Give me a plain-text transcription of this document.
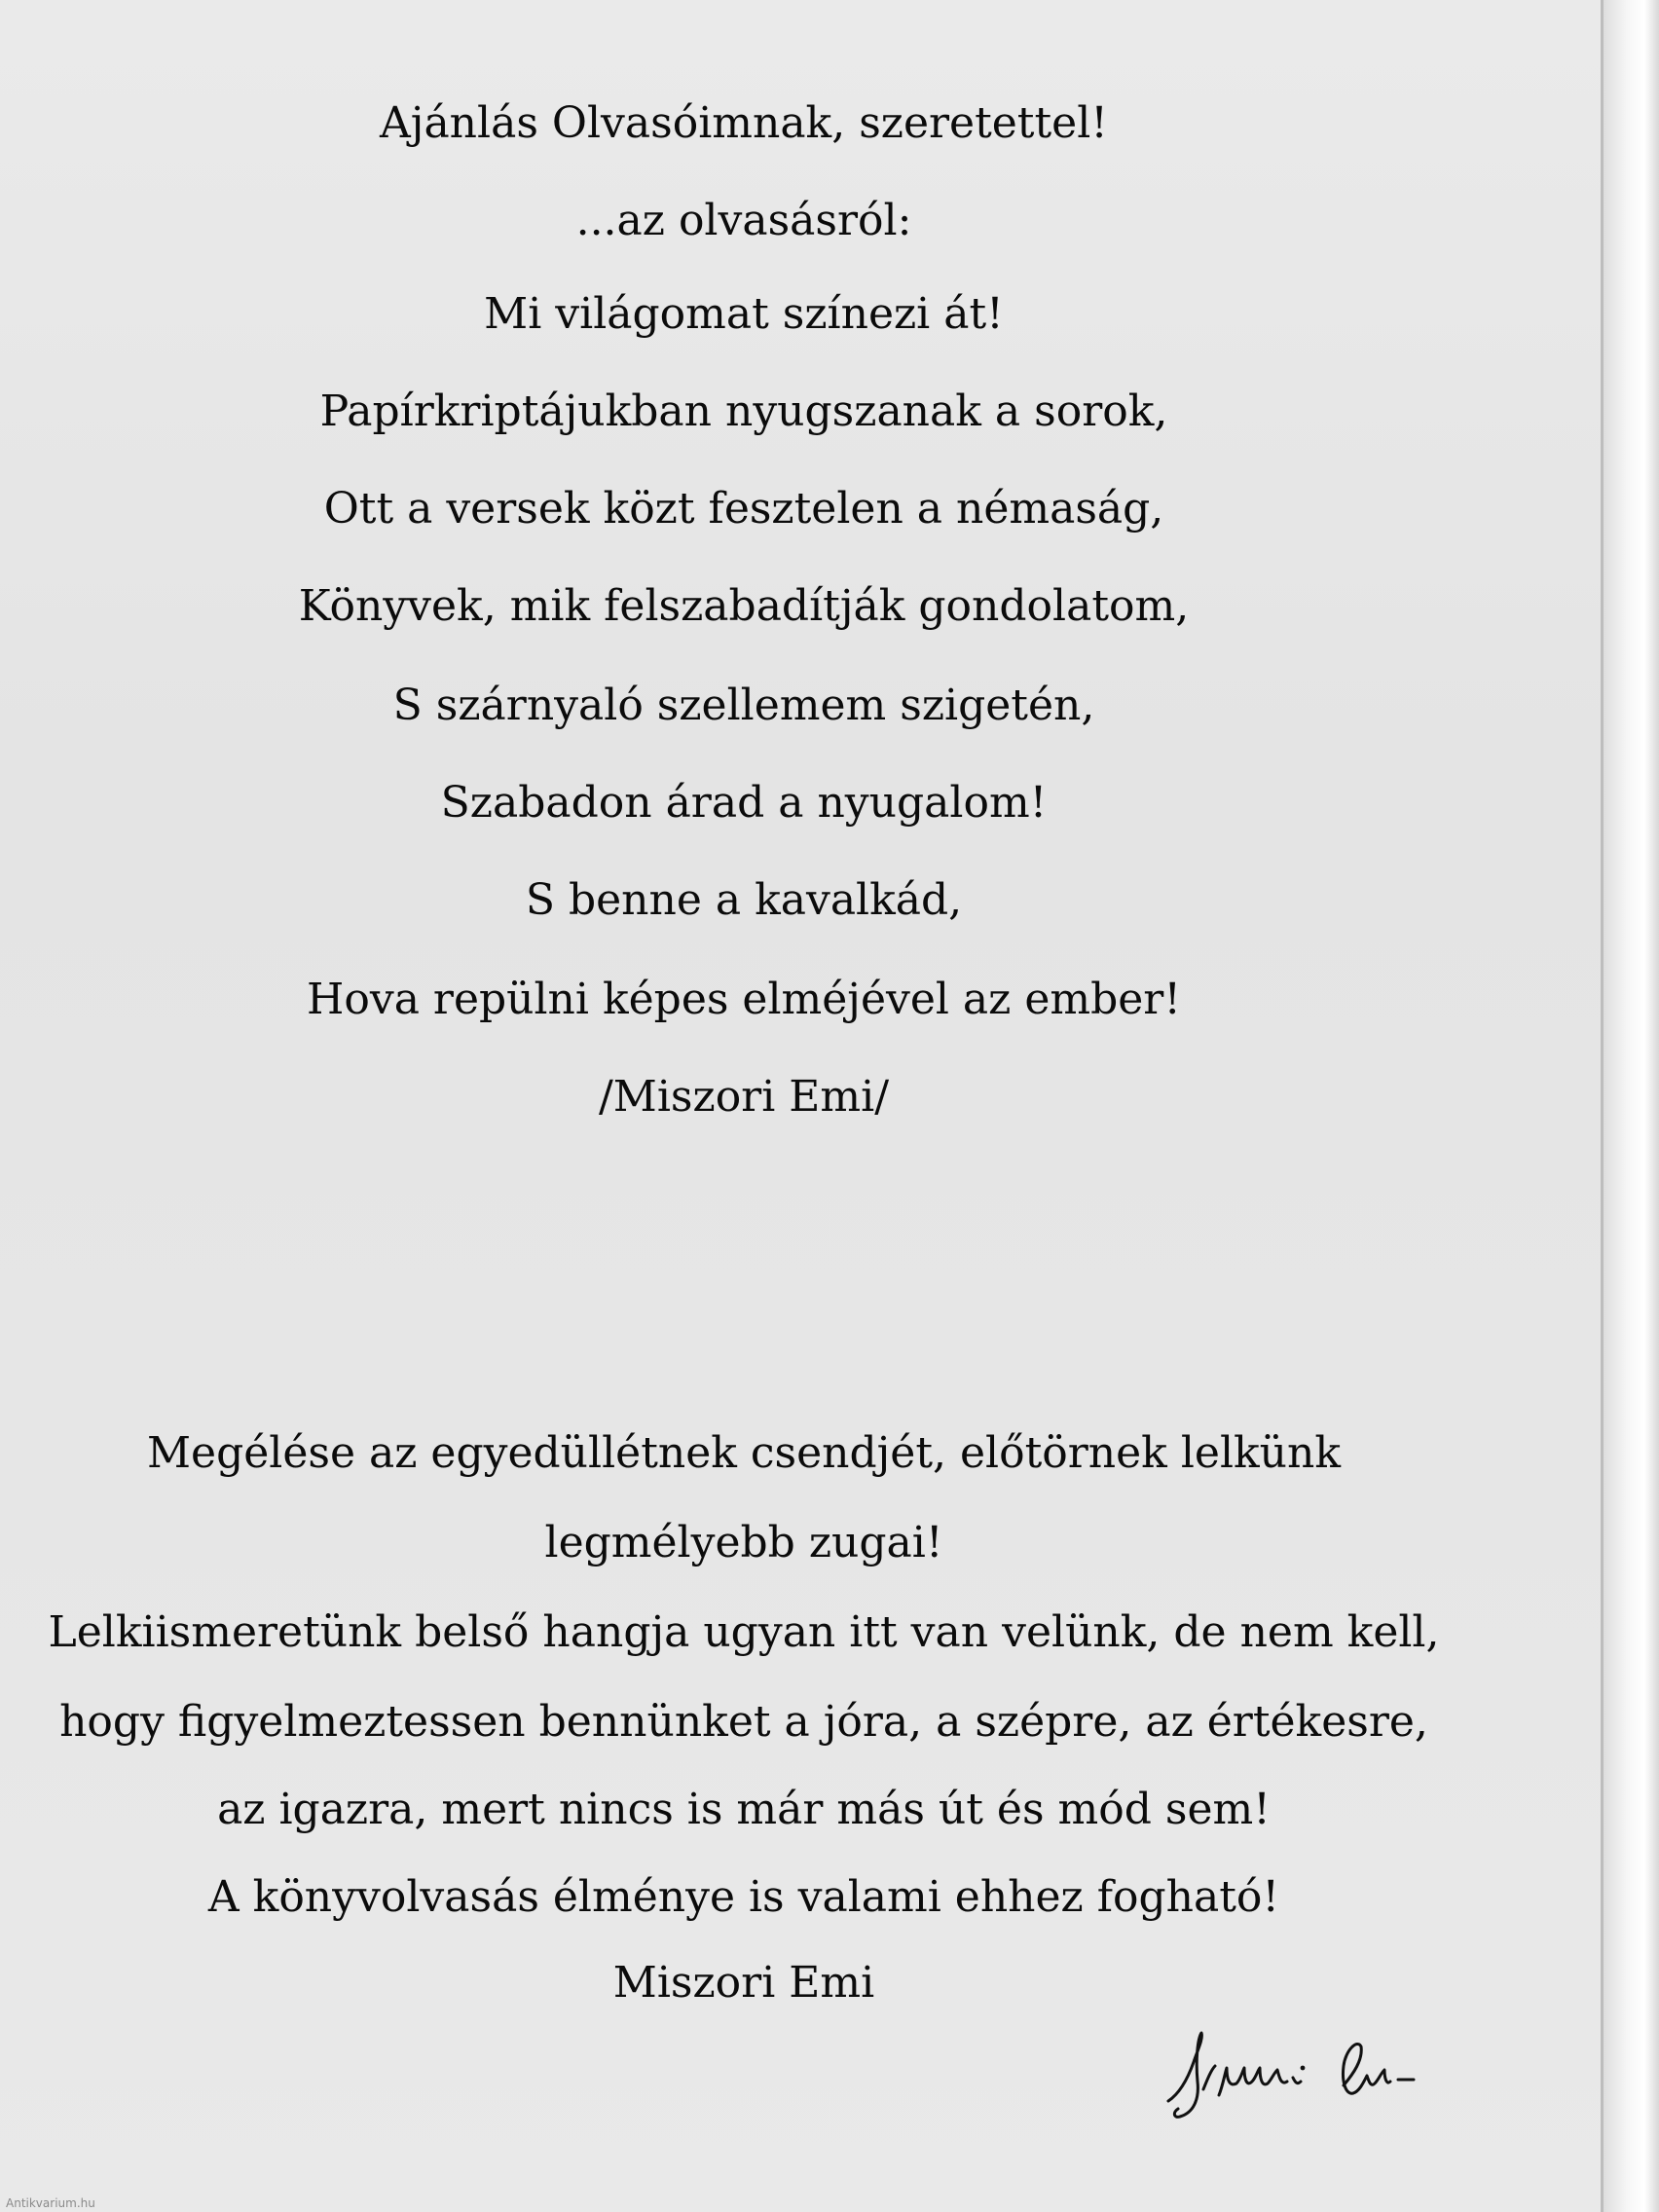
Ajánlás Olvasóimnak, szeretettel!
...az olvasásról:
Mi világomat színezi át!
Papírkriptájukban nyugszanak a sorok,
Ott a versek közt fesztelen a némaság,
Könyvek, mik felszabadítják gondolatom,
S szárnyaló szellemem szigetén,
Szabadon árad a nyugalom!
S benne a kavalkád,
Hova repülni képes elméjével az ember!
/Miszori Emi/
Megélése az egyedüllétnek csendjét, előtörnek lelkünk
legmélyebb zugai!
Lelkiismeretünk belső hangja ugyan itt van velünk, de nem kell,
hogy figyelmeztessen bennünket a jóra, a szépre, az értékesre,
az igazra, mert nincs is már más út és mód sem!
A könyvolvasás élménye is valami ehhez fogható!
Miszori Emi
Antikvarium.hu
